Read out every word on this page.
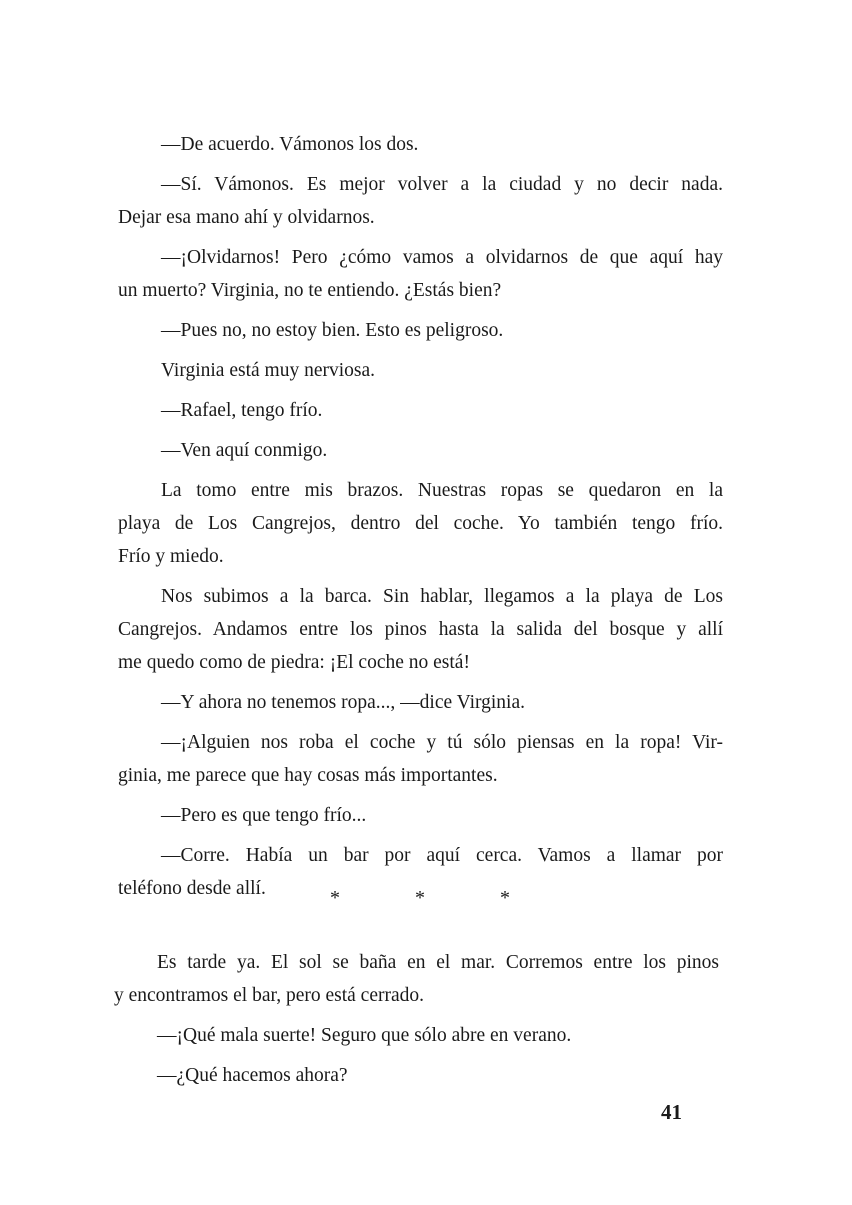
—De acuerdo. Vámonos los dos.
—Sí. Vámonos. Es mejor volver a la ciudad y no decir nada.
Dejar esa mano ahí y olvidarnos.
—¡Olvidarnos! Pero ¿cómo vamos a olvidarnos de que aquí hay
un muerto? Virginia, no te entiendo. ¿Estás bien?
—Pues no, no estoy bien. Esto es peligroso.
Virginia está muy nerviosa.
—Rafael, tengo frío.
—Ven aquí conmigo.
La tomo entre mis brazos. Nuestras ropas se quedaron en la
playa de Los Cangrejos, dentro del coche. Yo también tengo frío.
Frío y miedo.
Nos subimos a la barca. Sin hablar, llegamos a la playa de Los
Cangrejos. Andamos entre los pinos hasta la salida del bosque y allí
me quedo como de piedra: ¡El coche no está!
—Y ahora no tenemos ropa..., —dice Virginia.
—¡Alguien nos roba el coche y tú sólo piensas en la ropa! Vir-
ginia, me parece que hay cosas más importantes.
—Pero es que tengo frío...
—Corre. Había un bar por aquí cerca. Vamos a llamar por
teléfono desde allí.	*	*	*
Es tarde ya. El sol se baña en el mar. Corremos entre los pinos
y encontramos el bar, pero está cerrado.
—¡Qué mala suerte! Seguro que sólo abre en verano.
—¿Qué hacemos ahora?
41
